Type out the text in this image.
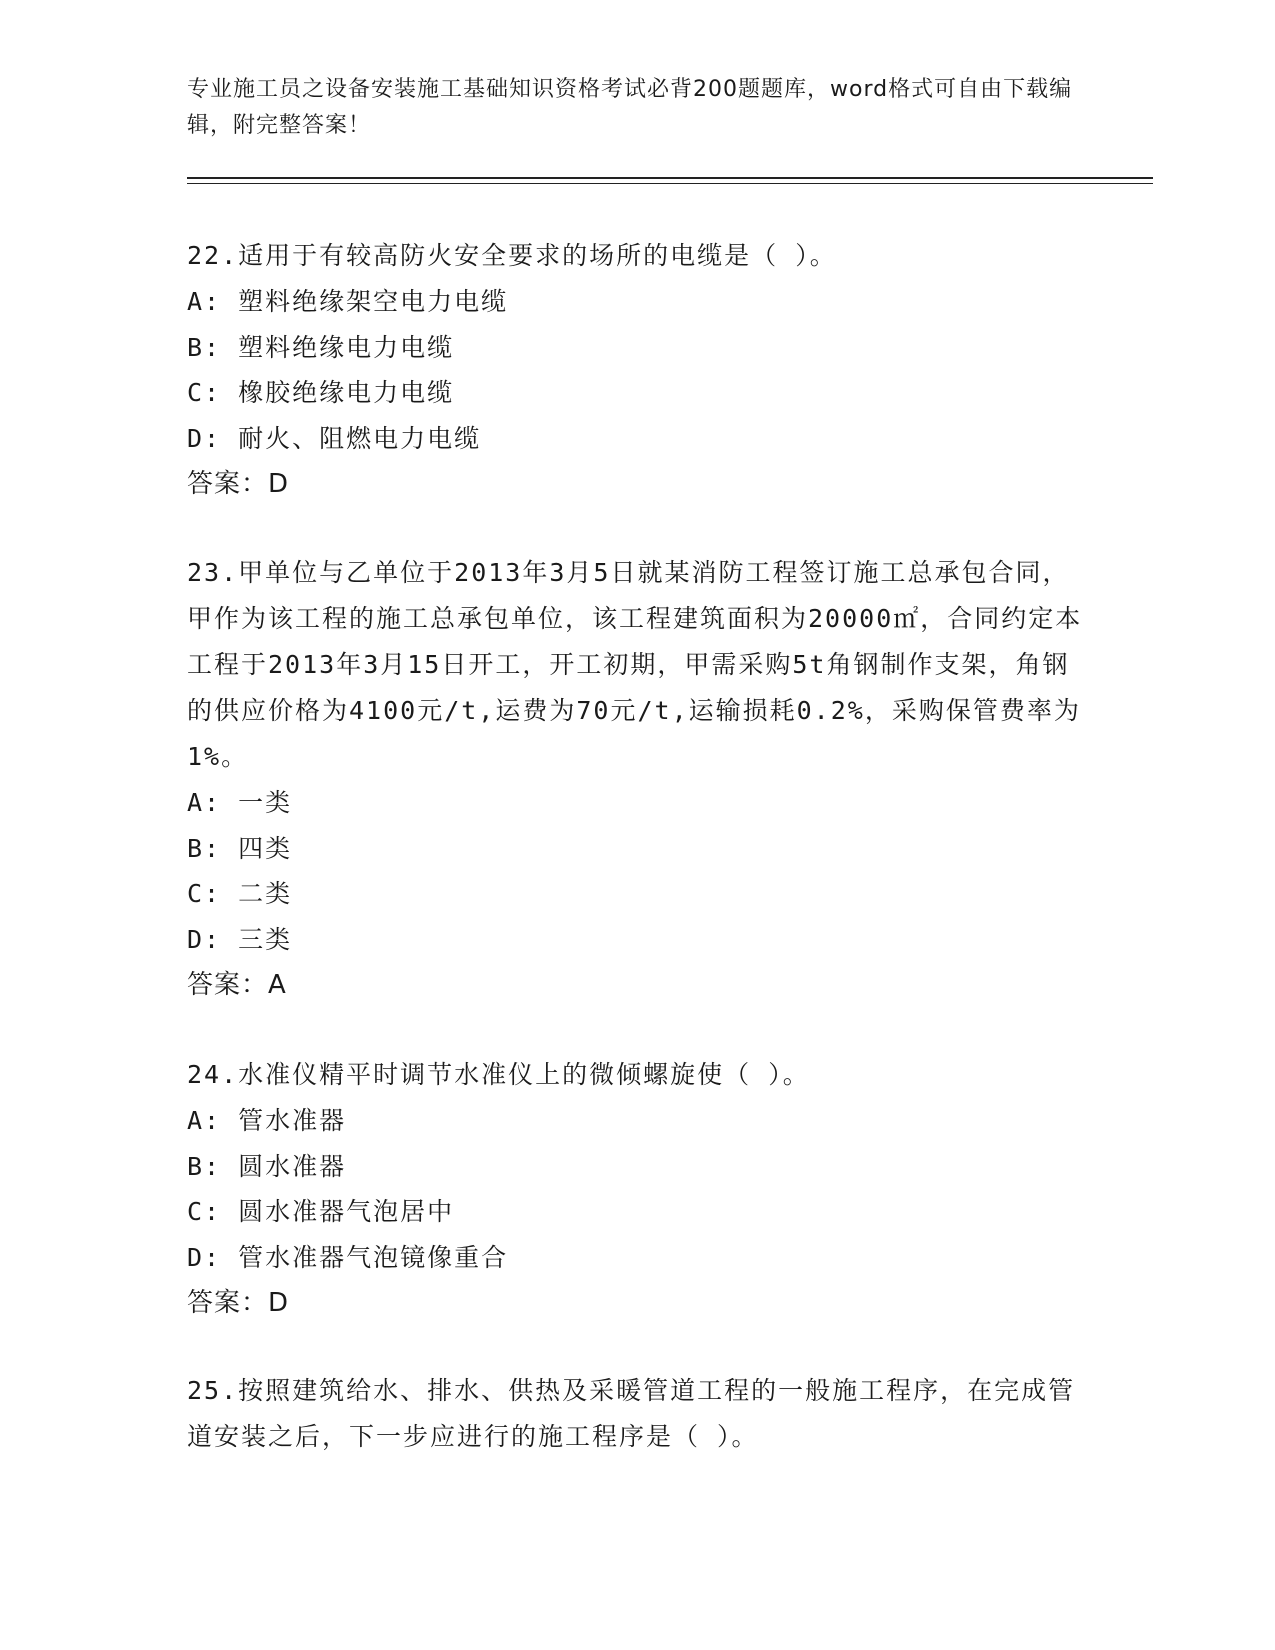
专业施工员之设备安装施工基础知识资格考试必背200题题库，word格式可自由下载编辑，附完整答案！

22.适用于有较高防火安全要求的场所的电缆是（ ）。

A: 塑料绝缘架空电力电缆

B: 塑料绝缘电力电缆

C: 橡胶绝缘电力电缆

D: 耐火、阻燃电力电缆

答案：D

23.甲单位与乙单位于2013年3月5日就某消防工程签订施工总承包合同，甲作为该工程的施工总承包单位，该工程建筑面积为20000㎡，合同约定本工程于2013年3月15日开工，开工初期，甲需采购5t角钢制作支架，角钢的供应价格为4100元/t,运费为70元/t,运输损耗0.2%，采购保管费率为1%。

A: 一类

B: 四类

C: 二类

D: 三类

答案：A

24.水准仪精平时调节水准仪上的微倾螺旋使（ ）。

A: 管水准器

B: 圆水准器

C: 圆水准器气泡居中

D: 管水准器气泡镜像重合

答案：D

25.按照建筑给水、排水、供热及采暖管道工程的一般施工程序，在完成管道安装之后，下一步应进行的施工程序是（ ）。
